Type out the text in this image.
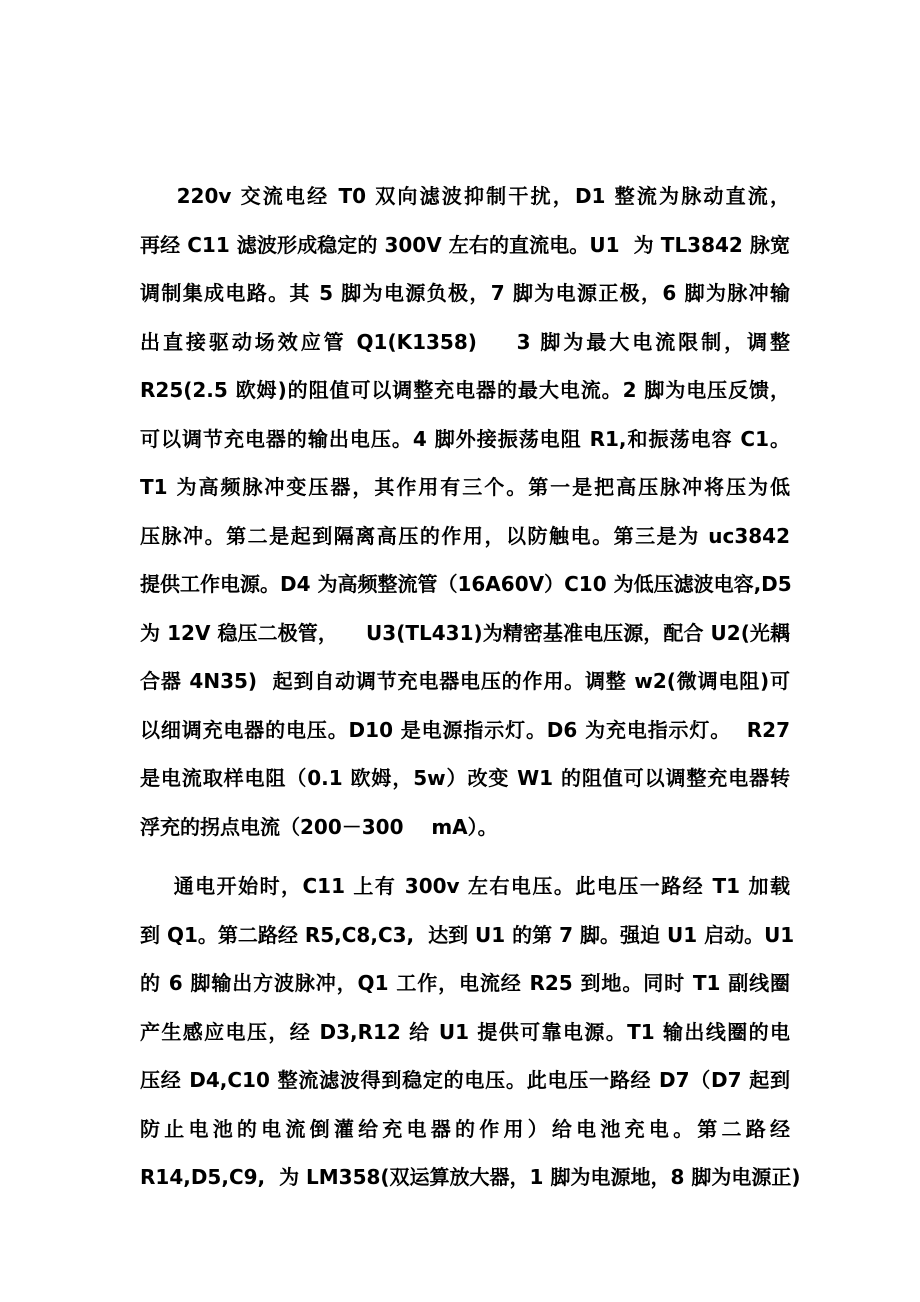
220v 交流电经 T0 双向滤波抑制干扰，D1 整流为脉动直流，
再经 C11 滤波形成稳定的 300V 左右的直流电。U1  为 TL3842 脉宽
调制集成电路。其 5 脚为电源负极，7 脚为电源正极，6 脚为脉冲输
出直接驱动场效应管 Q1(K1358)    3 脚为最大电流限制，调整
R25(2.5 欧姆)的阻值可以调整充电器的最大电流。2 脚为电压反馈，
可以调节充电器的输出电压。4 脚外接振荡电阻 R1,和振荡电容 C1。
T1 为高频脉冲变压器，其作用有三个。第一是把高压脉冲将压为低
压脉冲。第二是起到隔离高压的作用，以防触电。第三是为 uc3842
提供工作电源。D4 为高频整流管（16A60V）C10 为低压滤波电容,D5
为 12V 稳压二极管，    U3(TL431)为精密基准电压源，配合 U2(光耦
合器 4N35)  起到自动调节充电器电压的作用。调整 w2(微调电阻)可
以细调充电器的电压。D10 是电源指示灯。D6 为充电指示灯。  R27
是电流取样电阻（0.1 欧姆，5w）改变 W1 的阻值可以调整充电器转
浮充的拐点电流（200－300    mA）。
通电开始时，C11 上有 300v 左右电压。此电压一路经 T1 加载
到 Q1。第二路经 R5,C8,C3,  达到 U1 的第 7 脚。强迫 U1 启动。U1
的 6 脚输出方波脉冲，Q1 工作，电流经 R25 到地。同时 T1 副线圈
产生感应电压，经 D3,R12 给 U1 提供可靠电源。T1 输出线圈的电
压经 D4,C10 整流滤波得到稳定的电压。此电压一路经 D7（D7 起到
防止电池的电流倒灌给充电器的作用）给电池充电。第二路经
R14,D5,C9,  为 LM358(双运算放大器，1 脚为电源地，8 脚为电源正)
